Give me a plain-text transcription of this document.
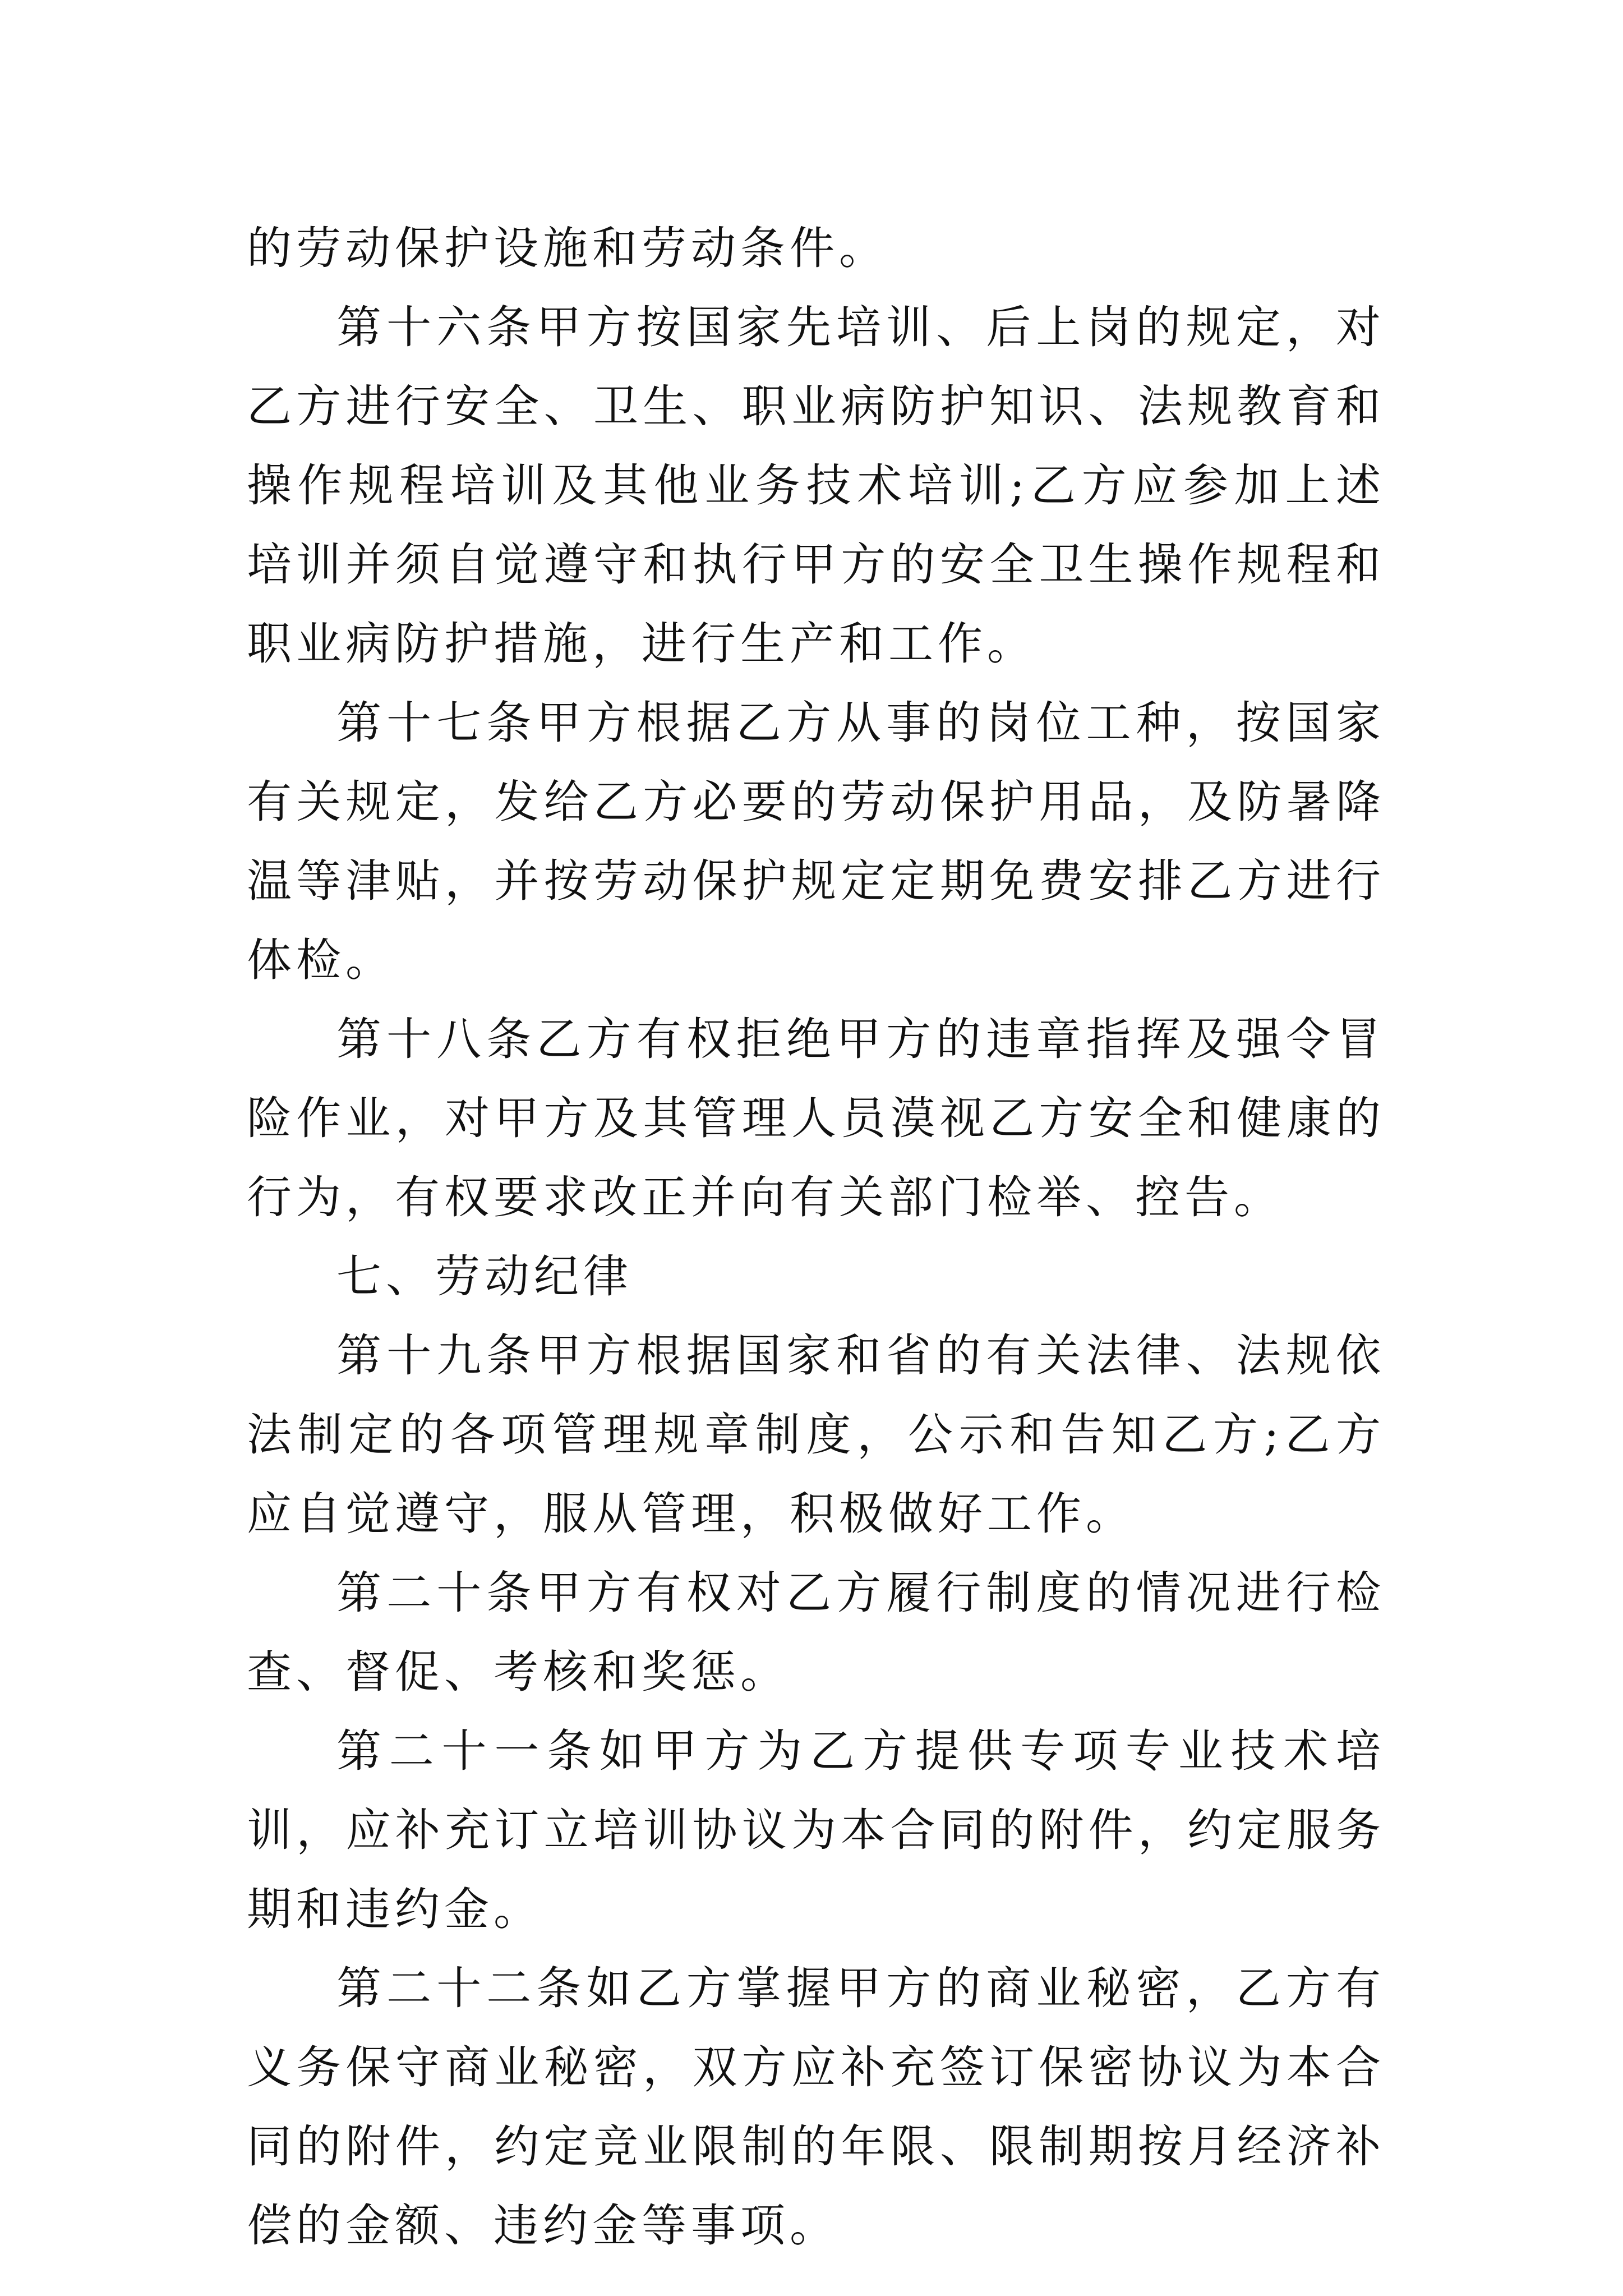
的劳动保护设施和劳动条件。

第十六条甲方按国家先培训、后上岗的规定，对乙方进行安全、卫生、职业病防护知识、法规教育和操作规程培训及其他业务技术培训;乙方应参加上述培训并须自觉遵守和执行甲方的安全卫生操作规程和职业病防护措施，进行生产和工作。

第十七条甲方根据乙方从事的岗位工种，按国家有关规定，发给乙方必要的劳动保护用品，及防暑降温等津贴，并按劳动保护规定定期免费安排乙方进行体检。

第十八条乙方有权拒绝甲方的违章指挥及强令冒险作业，对甲方及其管理人员漠视乙方安全和健康的行为，有权要求改正并向有关部门检举、控告。

七、劳动纪律

第十九条甲方根据国家和省的有关法律、法规依法制定的各项管理规章制度，公示和告知乙方;乙方应自觉遵守，服从管理，积极做好工作。

第二十条甲方有权对乙方履行制度的情况进行检查、督促、考核和奖惩。

第二十一条如甲方为乙方提供专项专业技术培训，应补充订立培训协议为本合同的附件，约定服务期和违约金。

第二十二条如乙方掌握甲方的商业秘密，乙方有义务保守商业秘密，双方应补充签订保密协议为本合同的附件，约定竞业限制的年限、限制期按月经济补偿的金额、违约金等事项。
